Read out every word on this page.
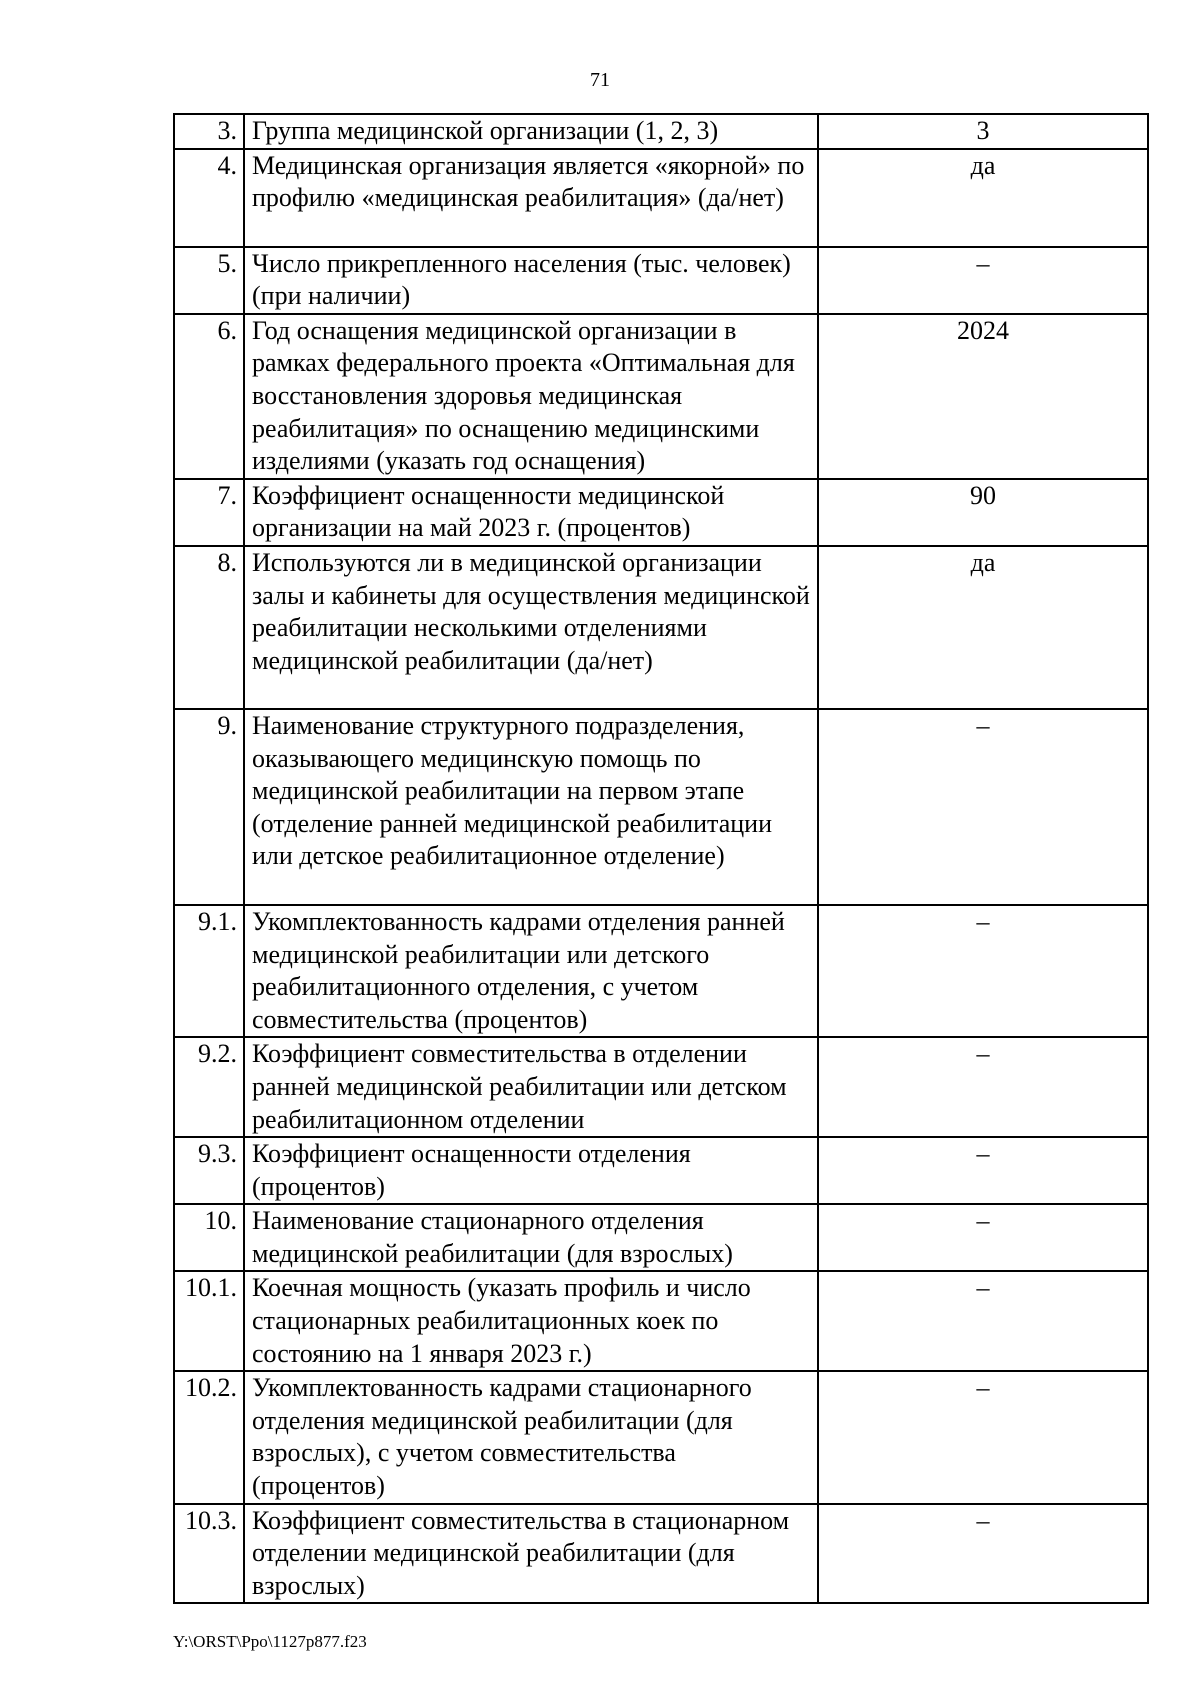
71
3.	Группа медицинской организации (1, 2, 3)	3
4.	Медицинская организация является «якорной» по профилю «медицинская реабилитация» (да/нет)	да
5.	Число прикрепленного населения (тыс. человек) (при наличии)	–
6.	Год оснащения медицинской организации в рамках федерального проекта «Оптимальная для восстановления здоровья медицинская реабилитация» по оснащению медицинскими изделиями (указать год оснащения)	2024
7.	Коэффициент оснащенности медицинской организации на май 2023 г. (процентов)	90
8.	Используются ли в медицинской организации залы и кабинеты для осуществления медицинской реабилитации несколькими отделениями медицинской реабилитации (да/нет)	да
9.	Наименование структурного подразделения, оказывающего медицинскую помощь по медицинской реабилитации на первом этапе (отделение ранней медицинской реабилитации или детское реабилитационное отделение)	–
9.1.	Укомплектованность кадрами отделения ранней медицинской реабилитации или детского реабилитационного отделения, с учетом совместительства (процентов)	–
9.2.	Коэффициент совместительства в отделении ранней медицинской реабилитации или детском реабилитационном отделении	–
9.3.	Коэффициент оснащенности отделения (процентов)	–
10.	Наименование стационарного отделения медицинской реабилитации (для взрослых)	–
10.1.	Коечная мощность (указать профиль и число стационарных реабилитационных коек по состоянию на 1 января 2023 г.)	–
10.2.	Укомплектованность кадрами стационарного отделения медицинской реабилитации (для взрослых), с учетом совместительства (процентов)	–
10.3.	Коэффициент совместительства в стационарном отделении медицинской реабилитации (для взрослых)	–
Y:\ORST\Ppo\1127p877.f23
